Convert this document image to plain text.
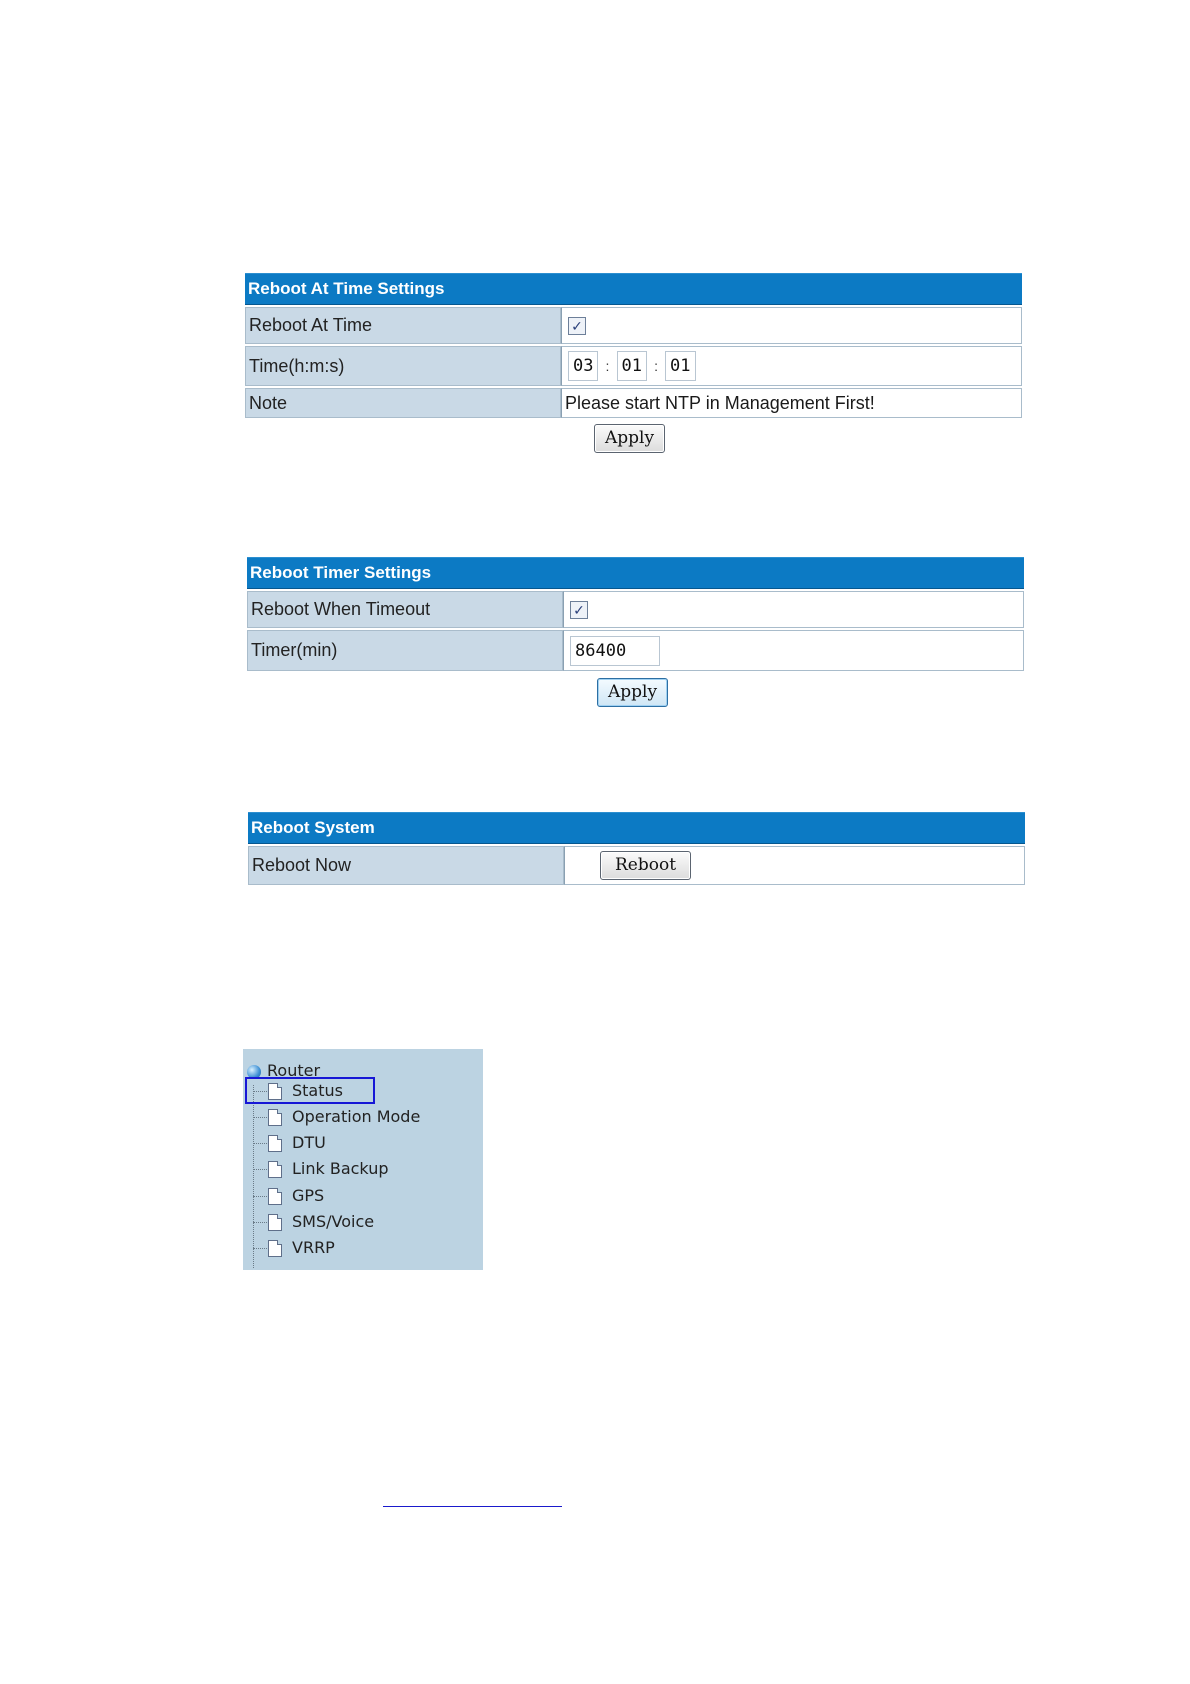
Reboot At Time Settings
Reboot At Time	✓
Time(h:m:s)	03 : 01 : 01
Note	Please start NTP in Management First!
Apply
Reboot Timer Settings
Reboot When Timeout	✓
Timer(min)	86400
Apply
Reboot System
Reboot Now	Reboot
Router
Status
Operation Mode
DTU
Link Backup
GPS
SMS/Voice
VRRP
